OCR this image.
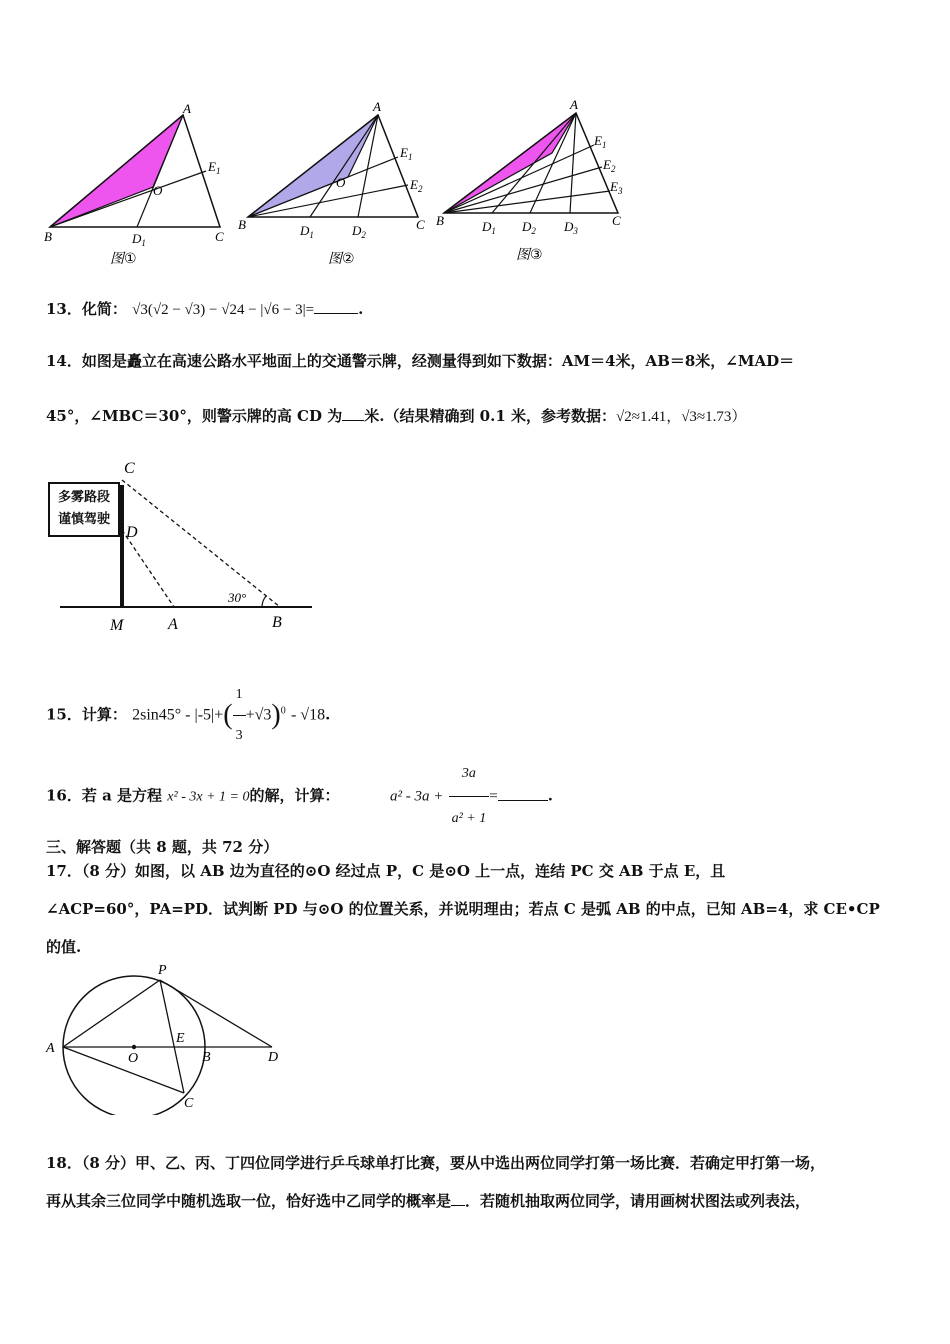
A
B	C
$D_1$
$E_1$
O
图①
A
B	C
$D_1$	$D_2$
$E_1$
$E_2$
O
图②
A
B	C
$D_1$ $D_2$ $D_3$
$E_1$
$E_2$
$E_3$
图③
13．化简： √3(√2 − √3) − √24 − |√6 − 3|=	.
14．如图是矗立在高速公路水平地面上的交通警示牌，经测量得到如下数据：AM＝4米，AB＝8米，∠MAD＝
45°，∠MBC＝30°，则警示牌的高 CD 为 米.（结果精确到 0.1 米，参考数据：√2≈1.41，√3≈1.73）
多雾路段
谨慎驾驶
C
D
M	A	B
30°
15．计算： $2\sin 45^\circ - |-5|+( \frac{1}{3} +√3)^0 - √18$.
16．若 a 是方程 x² - 3x + 1 = 0的解，计算：	$a^2 - 3a + \frac{3a}{\text{a² + 1}}$ =	.
三、解答题（共 8 题，共 72 分）
17．（8 分）如图，以 AB 边为直径的⊙O 经过点 P，C 是⊙O 上一点，连结 PC 交 AB 于点 E，且
∠ACP=60°，PA=PD．试判断 PD 与⊙O 的位置关系，并说明理由；若点 C 是弧 AB 的中点，已知 AB=4，求 CE•CP
的值.
P
A
O
E
B	D
C
18．（8 分）甲、乙、丙、丁四位同学进行乒乓球单打比赛，要从中选出两位同学打第一场比赛．若确定甲打第一场，
再从其余三位同学中随机选取一位，恰好选中乙同学的概率是 ．若随机抽取两位同学，请用画树状图法或列表法，
